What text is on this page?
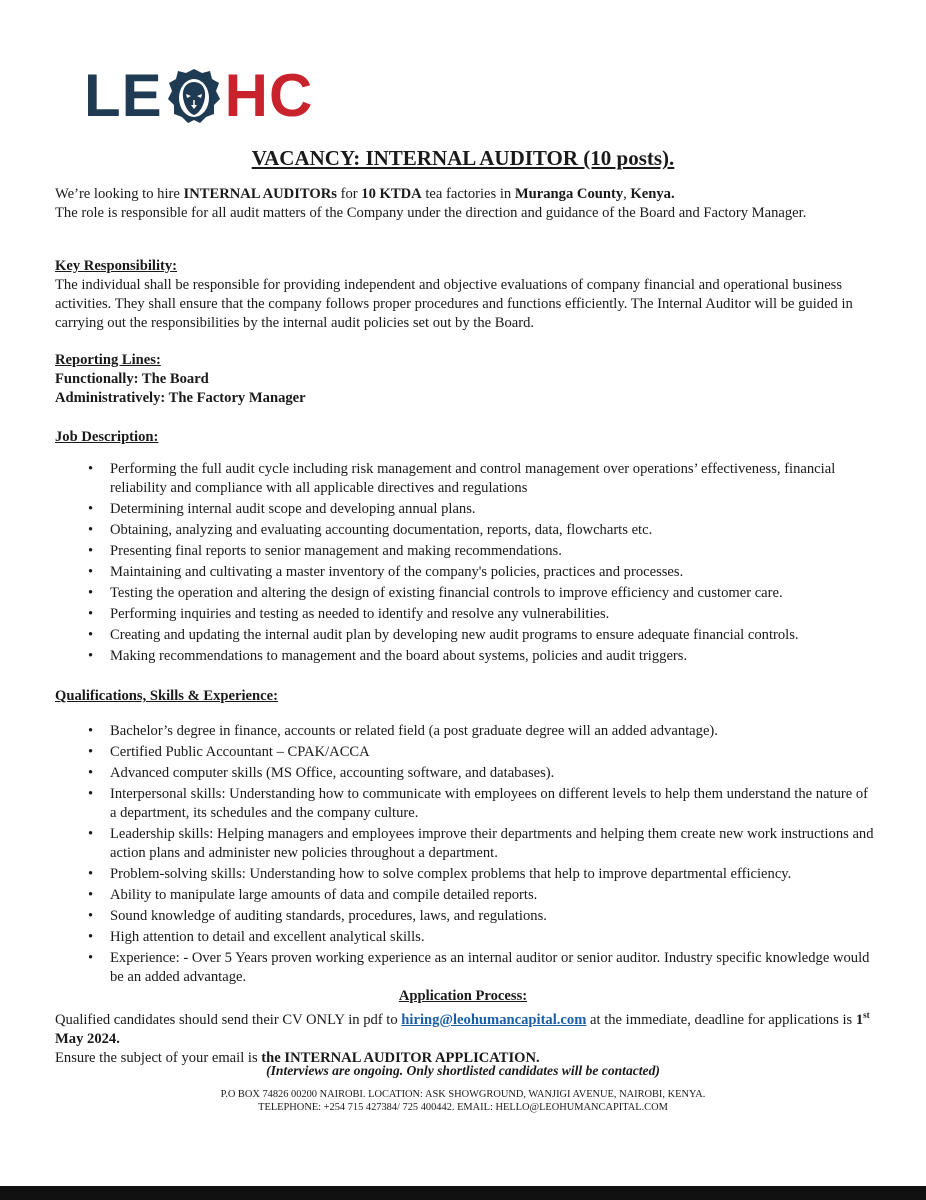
LE HC
VACANCY: INTERNAL AUDITOR (10 posts).

We’re looking to hire INTERNAL AUDITORs for 10 KTDA tea factories in Muranga County, Kenya.

The role is responsible for all audit matters of the Company under the direction and guidance of the Board and Factory Manager.

Key Responsibility:

The individual shall be responsible for providing independent and objective evaluations of company financial and operational business activities. They shall ensure that the company follows proper procedures and functions efficiently. The Internal Auditor will be guided in carrying out the responsibilities by the internal audit policies set out by the Board.

Reporting Lines:

Functionally: The Board

Administratively: The Factory Manager

Job Description:
• Performing the full audit cycle including risk management and control management over operations’ effectiveness, financial reliability and compliance with all applicable directives and regulations
• Determining internal audit scope and developing annual plans.
• Obtaining, analyzing and evaluating accounting documentation, reports, data, flowcharts etc.
• Presenting final reports to senior management and making recommendations.
• Maintaining and cultivating a master inventory of the company's policies, practices and processes.
• Testing the operation and altering the design of existing financial controls to improve efficiency and customer care.
• Performing inquiries and testing as needed to identify and resolve any vulnerabilities.
• Creating and updating the internal audit plan by developing new audit programs to ensure adequate financial controls.
• Making recommendations to management and the board about systems, policies and audit triggers.
Qualifications, Skills & Experience:
• Bachelor’s degree in finance, accounts or related field (a post graduate degree will an added advantage).
• Certified Public Accountant – CPAK/ACCA
• Advanced computer skills (MS Office, accounting software, and databases).
• Interpersonal skills: Understanding how to communicate with employees on different levels to help them understand the nature of a department, its schedules and the company culture.
• Leadership skills: Helping managers and employees improve their departments and helping them create new work instructions and action plans and administer new policies throughout a department.
• Problem-solving skills: Understanding how to solve complex problems that help to improve departmental efficiency.
• Ability to manipulate large amounts of data and compile detailed reports.
• Sound knowledge of auditing standards, procedures, laws, and regulations.
• High attention to detail and excellent analytical skills.
• Experience: - Over 5 Years proven working experience as an internal auditor or senior auditor. Industry specific knowledge would be an added advantage.
Application Process:

Qualified candidates should send their CV ONLY in pdf to hiring@leohumancapital.com at the immediate, deadline for applications is 1st May 2024.

Ensure the subject of your email is the INTERNAL AUDITOR APPLICATION.

(Interviews are ongoing. Only shortlisted candidates will be contacted)
P.O BOX 74826 00200 NAIROBI. LOCATION: ASK SHOWGROUND, WANJIGI AVENUE, NAIROBI, KENYA.
TELEPHONE: +254 715 427384/ 725 400442. EMAIL: HELLO@LEOHUMANCAPITAL.COM
